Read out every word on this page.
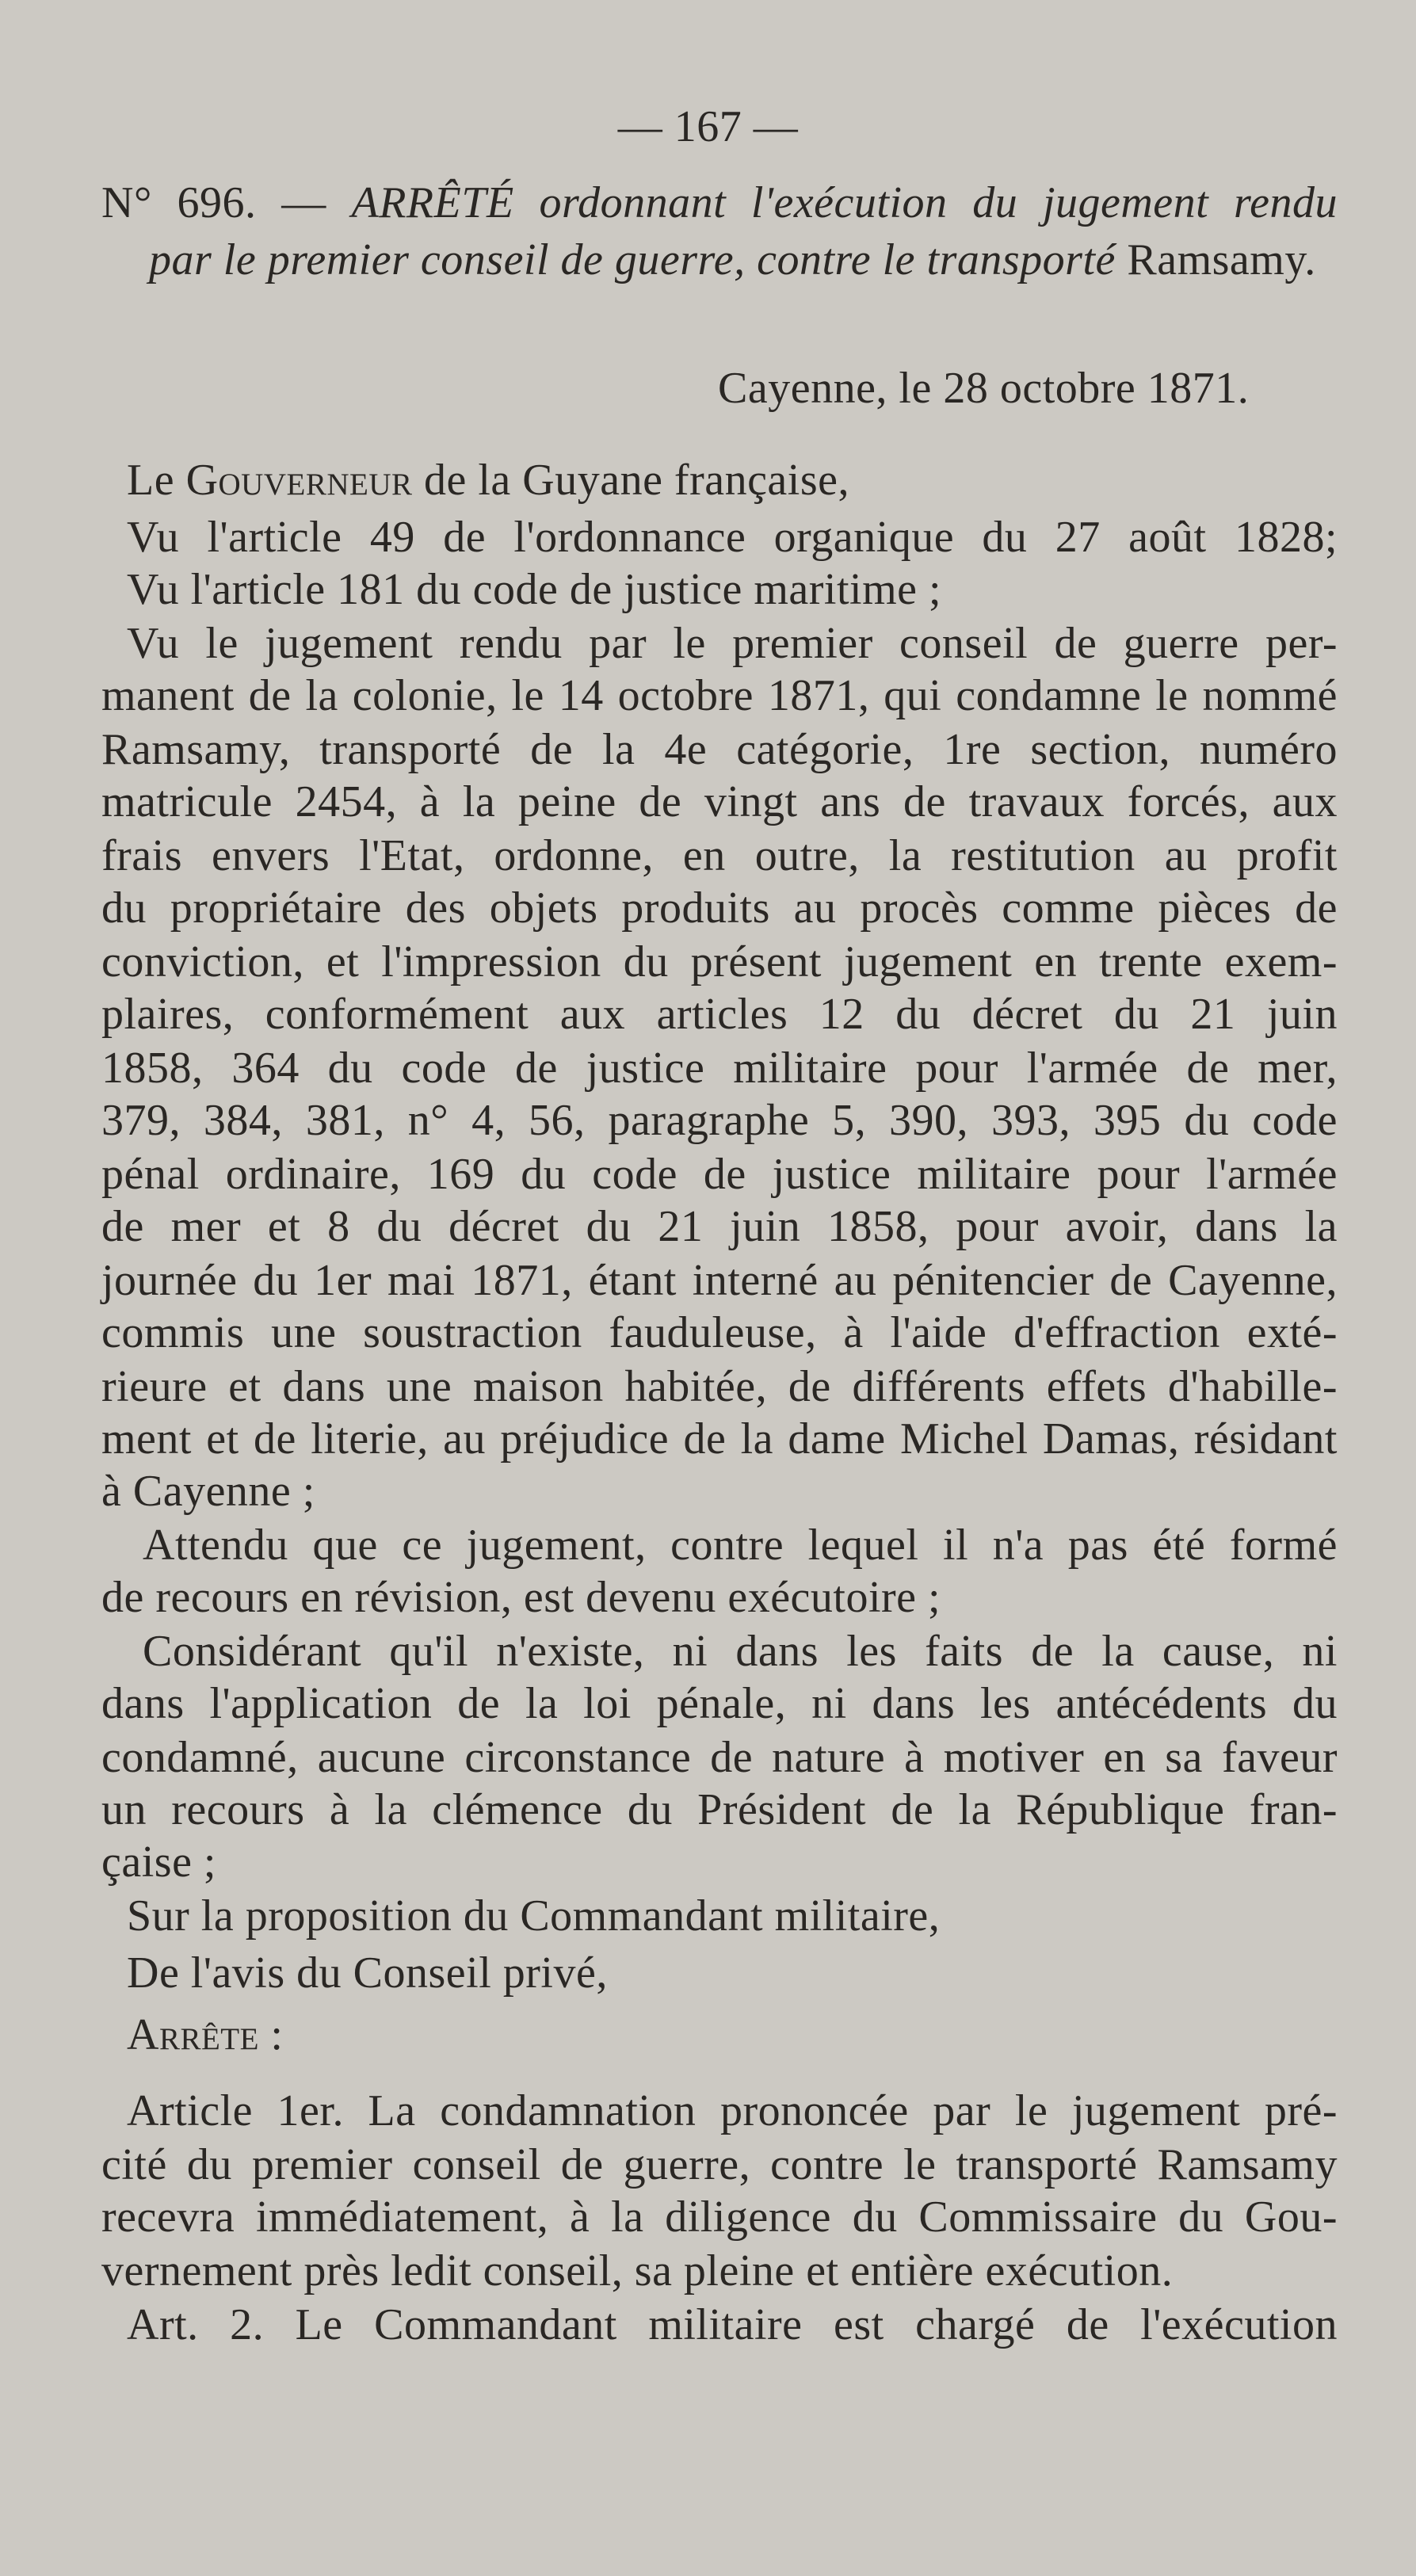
— 167 —
N° 696. — ARRÊTÉ ordonnant l'exécution du jugement rendu
par le premier conseil de guerre, contre le transporté Ramsamy.
Cayenne, le 28 octobre 1871.
Le Gouverneur de la Guyane française,
Vu l'article 49 de l'ordonnance organique du 27 août 1828;
Vu l'article 181 du code de justice maritime ;
Vu le jugement rendu par le premier conseil de guerre per-
manent de la colonie, le 14 octobre 1871, qui condamne le nommé
Ramsamy, transporté de la 4e catégorie, 1re section, numéro
matricule 2454, à la peine de vingt ans de travaux forcés, aux
frais envers l'Etat, ordonne, en outre, la restitution au profit
du propriétaire des objets produits au procès comme pièces de
conviction, et l'impression du présent jugement en trente exem-
plaires, conformément aux articles 12 du décret du 21 juin
1858, 364 du code de justice militaire pour l'armée de mer,
379, 384, 381, n° 4, 56, paragraphe 5, 390, 393, 395 du code
pénal ordinaire, 169 du code de justice militaire pour l'armée
de mer et 8 du décret du 21 juin 1858, pour avoir, dans la
journée du 1er mai 1871, étant interné au pénitencier de Cayenne,
commis une soustraction fauduleuse, à l'aide d'effraction exté-
rieure et dans une maison habitée, de différents effets d'habille-
ment et de literie, au préjudice de la dame Michel Damas, résidant
à Cayenne ;
Attendu que ce jugement, contre lequel il n'a pas été formé
de recours en révision, est devenu exécutoire ;
Considérant qu'il n'existe, ni dans les faits de la cause, ni
dans l'application de la loi pénale, ni dans les antécédents du
condamné, aucune circonstance de nature à motiver en sa faveur
un recours à la clémence du Président de la République fran-
çaise ;
Sur la proposition du Commandant militaire,
De l'avis du Conseil privé,
Arrête :
Article 1er. La condamnation prononcée par le jugement pré-
cité du premier conseil de guerre, contre le transporté Ramsamy
recevra immédiatement, à la diligence du Commissaire du Gou-
vernement près ledit conseil, sa pleine et entière exécution.
Art. 2. Le Commandant militaire est chargé de l'exécution
